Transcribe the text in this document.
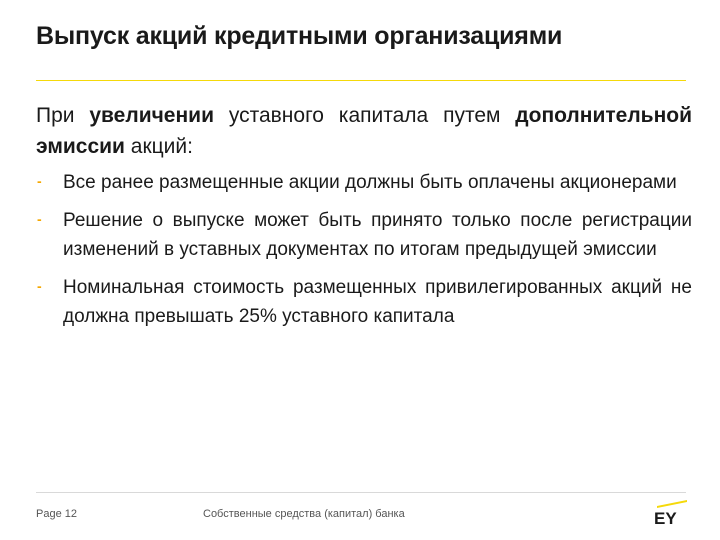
Выпуск акций кредитными организациями

При увеличении уставного капитала путем дополнительной эмиссии акций:

- Все ранее размещенные акции должны быть оплачены акционерами
- Решение о выпуске может быть принято только после регистрации изменений в уставных документах по итогам предыдущей эмиссии
- Номинальная стоимость размещенных привилегированных акций не должна превышать 25% уставного капитала
Page 12	Собственные средства (капитал) банка	EY
